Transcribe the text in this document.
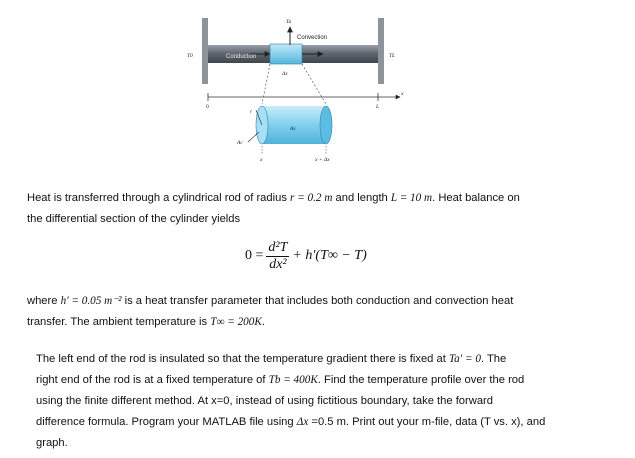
Ta
Convection
Conduction
T0	TL
Δx
0	L
x
r
As
Ac
x	x + Δx
Heat is transferred through a cylindrical rod of radius r = 0.2 m and length L = 10 m. Heat balance on
the differential section of the cylinder yields
$0 = \frac{\text{d²T}}{\text{dx²}} + h'(T\infty - T)$
where h′ = 0.05 m⁻² is a heat transfer parameter that includes both conduction and convection heat
transfer. The ambient temperature is T∞ = 200K.
The left end of the rod is insulated so that the temperature gradient there is fixed at Ta′ = 0. The
right end of the rod is at a fixed temperature of Tb = 400K. Find the temperature profile over the rod
using the finite different method. At x=0, instead of using fictitious boundary, take the forward
difference formula. Program your MATLAB file using Δx =0.5 m. Print out your m-file, data (T vs. x), and
graph.
